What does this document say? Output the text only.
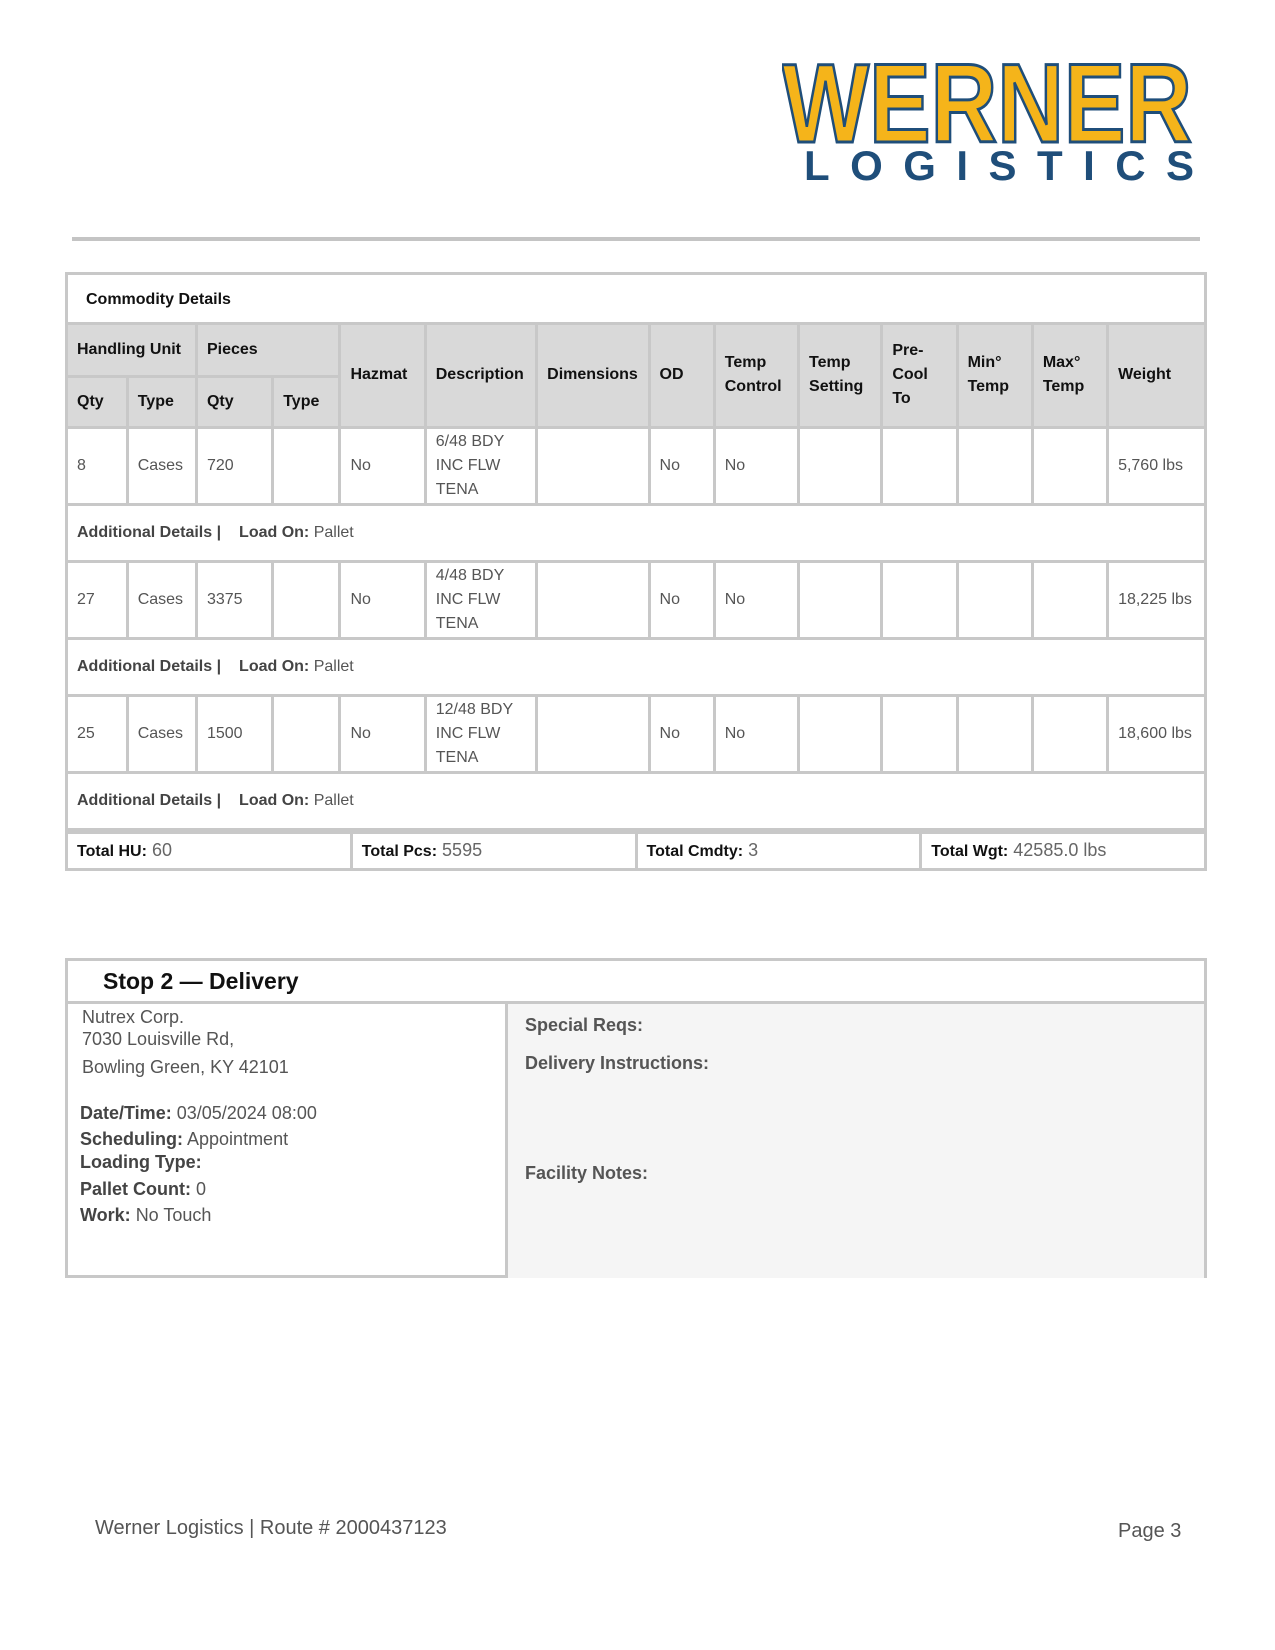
WERNER
LOGISTICS
Commodity Details
Handling Unit		Pieces		Hazmat	Description	Dimensions	OD	Temp Control	Temp Setting	Pre-Cool To	Min° Temp	Max° Temp	Weight
Qty	Type	Qty	Type										
8	Cases	720		No	6/48 BDY INC FLW TENA		No	No					5,760 lbs
Additional Details | Load On: Pallet													
27	Cases	3375		No	4/48 BDY INC FLW TENA		No	No					18,225 lbs
Additional Details | Load On: Pallet													
25	Cases	1500		No	12/48 BDY INC FLW TENA		No	No					18,600 lbs
Additional Details | Load On: Pallet													
Total HU: 60	Total Pcs: 5595	Total Cmdty: 3	Total Wgt: 42585.0 lbs
Stop 2 — Delivery
Nutrex Corp.
7030 Louisville Rd,
Bowling Green, KY 42101
Date/Time: 03/05/2024 08:00
Scheduling: Appointment
Loading Type:
Pallet Count: 0
Work: No Touch
Special Reqs:
Delivery Instructions:
Facility Notes:
Werner Logistics | Route # 2000437123	Page 3
